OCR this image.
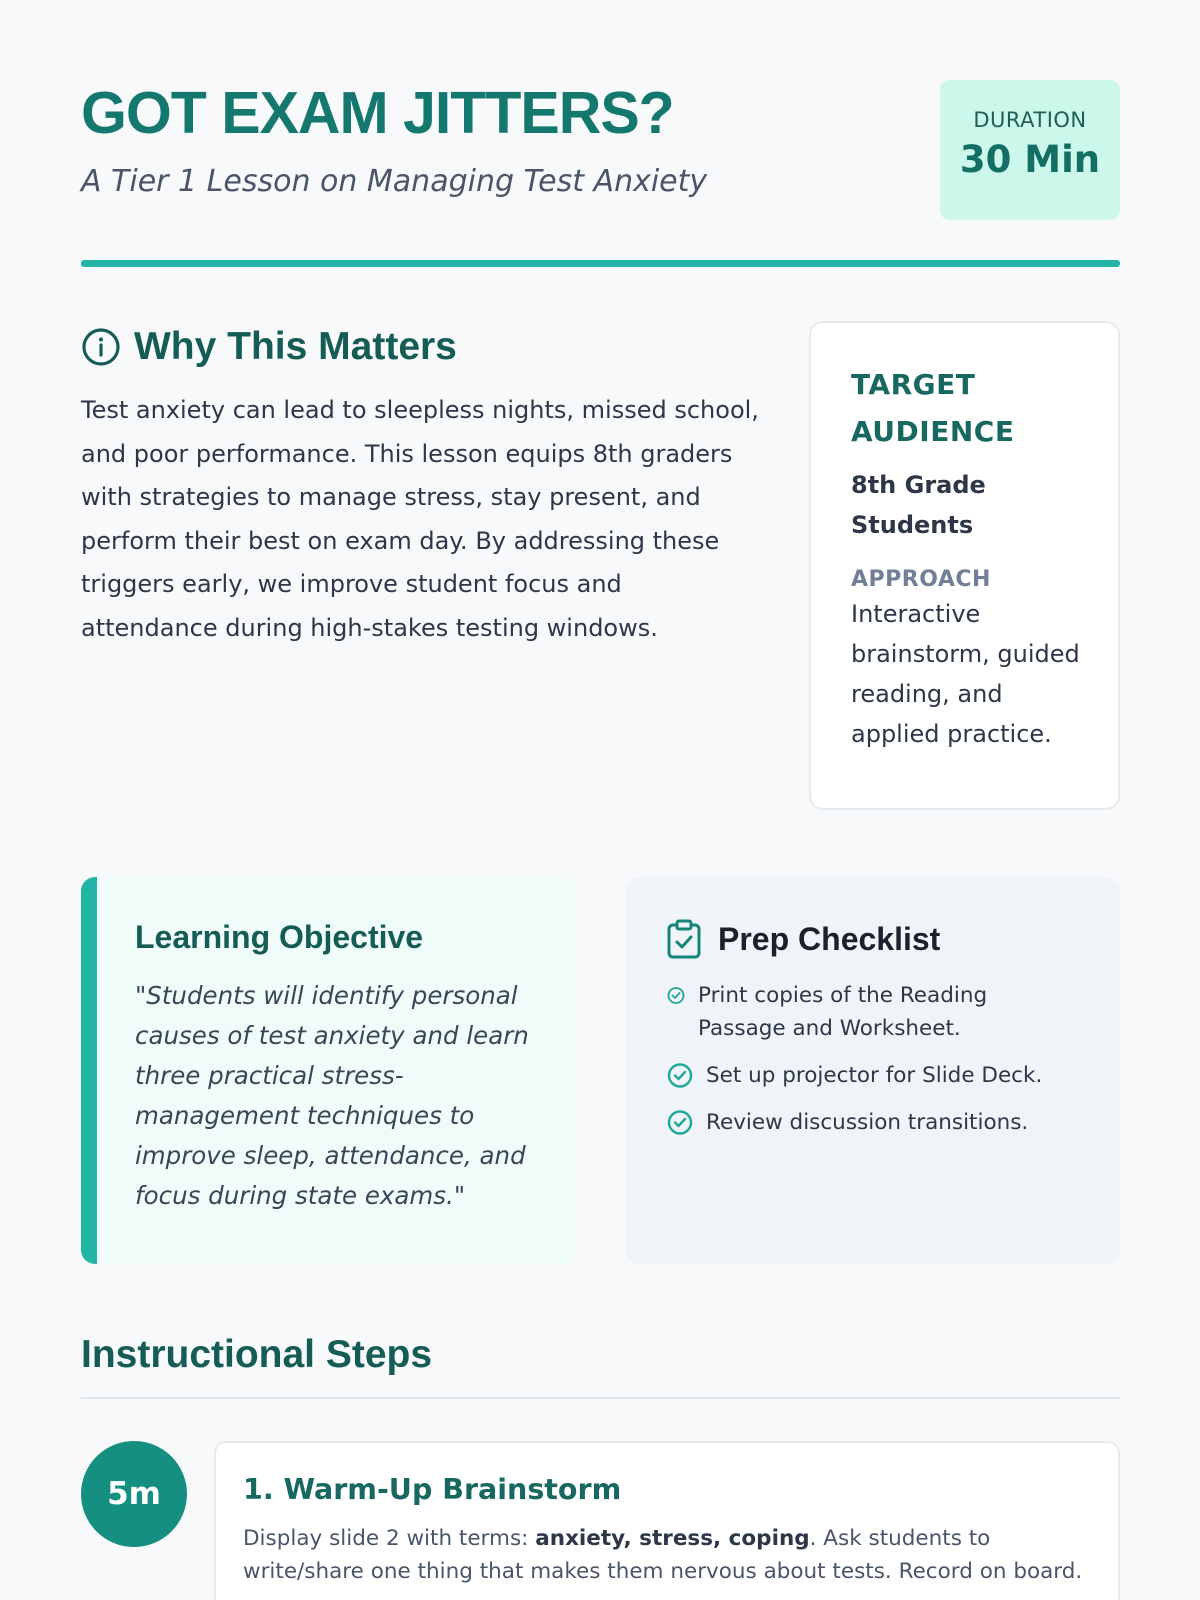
GOT EXAM JITTERS?
A Tier 1 Lesson on Managing Test Anxiety
DURATION
30 Min
Why This Matters

Test anxiety can lead to sleepless nights, missed school, and poor performance. This lesson equips 8th graders with strategies to manage stress, stay present, and perform their best on exam day. By addressing these triggers early, we improve student focus and attendance during high-stakes testing windows.

TARGET AUDIENCE
8th Grade Students
APPROACH
Interactive brainstorm, guided reading, and applied practice.
Learning Objective

"Students will identify personal causes of test anxiety and learn three practical stress-management techniques to improve sleep, attendance, and focus during state exams."

Prep Checklist
Print copies of the Reading Passage and Worksheet.
Set up projector for Slide Deck.
Review discussion transitions.
Instructional Steps
5m	1. Warm-Up Brainstorm

Display slide 2 with terms: anxiety, stress, coping. Ask students to write/share one thing that makes them nervous about tests. Record on board.
